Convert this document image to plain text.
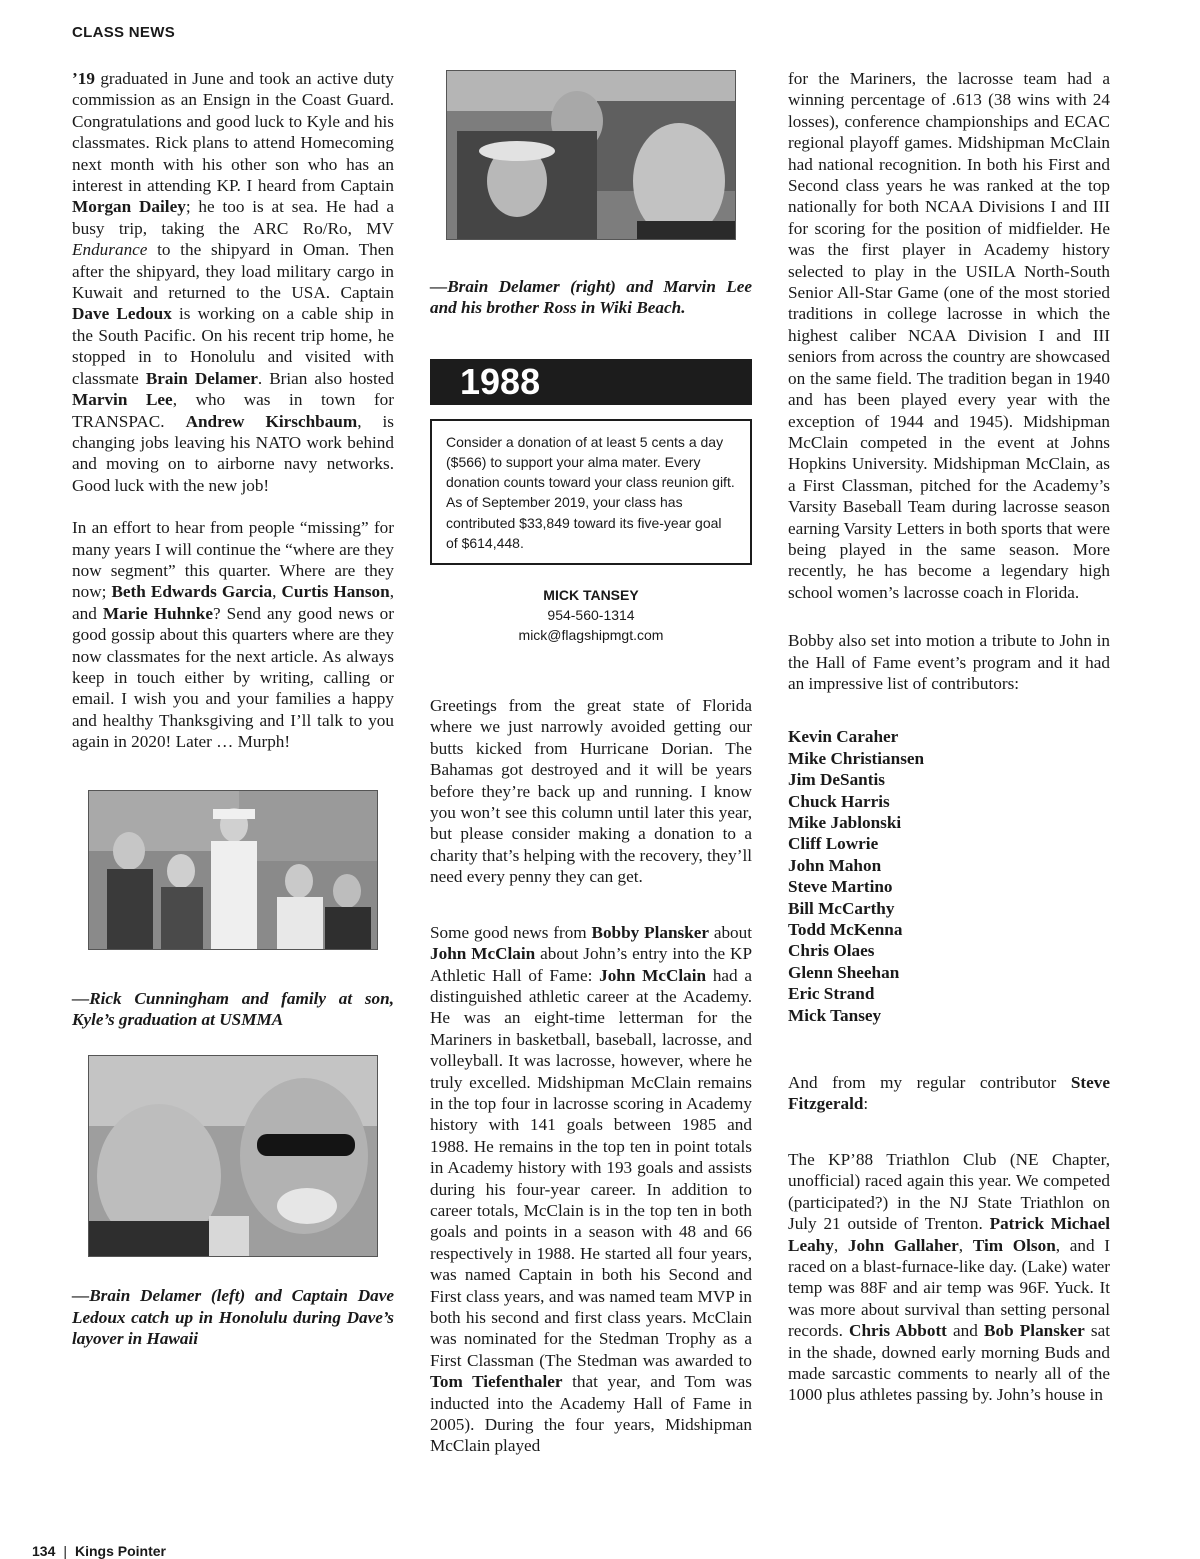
CLASS NEWS

’19 graduated in June and took an active duty commission as an Ensign in the Coast Guard. Congratulations and good luck to Kyle and his classmates. Rick plans to attend Homecoming next month with his other son who has an interest in attending KP. I heard from Captain Morgan Dailey; he too is at sea. He had a busy trip, taking the ARC Ro/Ro, MV Endurance to the shipyard in Oman. Then after the shipyard, they load military cargo in Kuwait and returned to the USA. Captain Dave Ledoux is working on a cable ship in the South Pacific. On his recent trip home, he stopped in to Honolulu and visited with classmate Brain Delamer. Brian also hosted Marvin Lee, who was in town for TRANSPAC. Andrew Kirschbaum, is changing jobs leaving his NATO work behind and moving on to airborne navy networks. Good luck with the new job!

In an effort to hear from people “missing” for many years I will continue the “where are they now segment” this quarter. Where are they now; Beth Edwards Garcia, Curtis Hanson, and Marie Huhnke? Send any good news or good gossip about this quarters where are they now classmates for the next article. As always keep in touch either by writing, calling or email. I wish you and your families a happy and healthy Thanksgiving and I’ll talk to you again in 2020! Later … Murph!

—Rick Cunningham and family at son, Kyle’s graduation at USMMA
—Brain Delamer (left) and Captain Dave Ledoux catch up in Honolulu during Dave’s layover in Hawaii
—Brain Delamer (right) and Marvin Lee and his brother Ross in Wiki Beach.
1988
Consider a donation of at least 5 cents a day ($566) to support your alma mater. Every donation counts toward your class reunion gift. As of September 2019, your class has contributed $33,849 toward its five-year goal of $614,448.
MICK TANSEY
954-560-1314
mick@flagshipmgt.com

Greetings from the great state of Florida where we just narrowly avoided getting our butts kicked from Hurricane Dorian. The Bahamas got destroyed and it will be years before they’re back up and running. I know you won’t see this column until later this year, but please consider making a donation to a charity that’s helping with the recovery, they’ll need every penny they can get.

Some good news from Bobby Plansker about John McClain about John’s entry into the KP Athletic Hall of Fame: John McClain had a distinguished athletic career at the Academy. He was an eight-time letterman for the Mariners in basketball, baseball, lacrosse, and volleyball. It was lacrosse, however, where he truly excelled. Midshipman McClain remains in the top four in lacrosse scoring in Academy history with 141 goals between 1985 and 1988. He remains in the top ten in point totals in Academy history with 193 goals and assists during his four-year career. In addition to career totals, McClain is in the top ten in both goals and points in a season with 48 and 66 respectively in 1988. He started all four years, was named Captain in both his Second and First class years, and was named team MVP in both his second and first class years. McClain was nominated for the Stedman Trophy as a First Classman (The Stedman was awarded to Tom Tiefenthaler that year, and Tom was inducted into the Academy Hall of Fame in 2005). During the four years, Midshipman McClain played

for the Mariners, the lacrosse team had a winning percentage of .613 (38 wins with 24 losses), conference championships and ECAC regional playoff games. Midshipman McClain had national recognition. In both his First and Second class years he was ranked at the top nationally for both NCAA Divisions I and III for scoring for the position of midfielder. He was the first player in Academy history selected to play in the USILA North-South Senior All-Star Game (one of the most storied traditions in college lacrosse in which the highest caliber NCAA Division I and III seniors from across the country are showcased on the same field. The tradition began in 1940 and has been played every year with the exception of 1944 and 1945). Midshipman McClain competed in the event at Johns Hopkins University. Midshipman McClain, as a First Classman, pitched for the Academy’s Varsity Baseball Team during lacrosse season earning Varsity Letters in both sports that were being played in the same season. More recently, he has become a legendary high school women’s lacrosse coach in Florida.

Bobby also set into motion a tribute to John in the Hall of Fame event’s program and it had an impressive list of contributors:

Kevin Caraher
Mike Christiansen
Jim DeSantis
Chuck Harris
Mike Jablonski
Cliff Lowrie
John Mahon
Steve Martino
Bill McCarthy
Todd McKenna
Chris Olaes
Glenn Sheehan
Eric Strand
Mick Tansey

And from my regular contributor Steve Fitzgerald:

The KP’88 Triathlon Club (NE Chapter, unofficial) raced again this year. We competed (participated?) in the NJ State Triathlon on July 21 outside of Trenton. Patrick Michael Leahy, John Gallaher, Tim Olson, and I raced on a blast-furnace-like day. (Lake) water temp was 88F and air temp was 96F. Yuck. It was more about survival than setting personal records. Chris Abbott and Bob Plansker sat in the shade, downed early morning Buds and made sarcastic comments to nearly all of the 1000 plus athletes passing by. John’s house in

134 | Kings Pointer
